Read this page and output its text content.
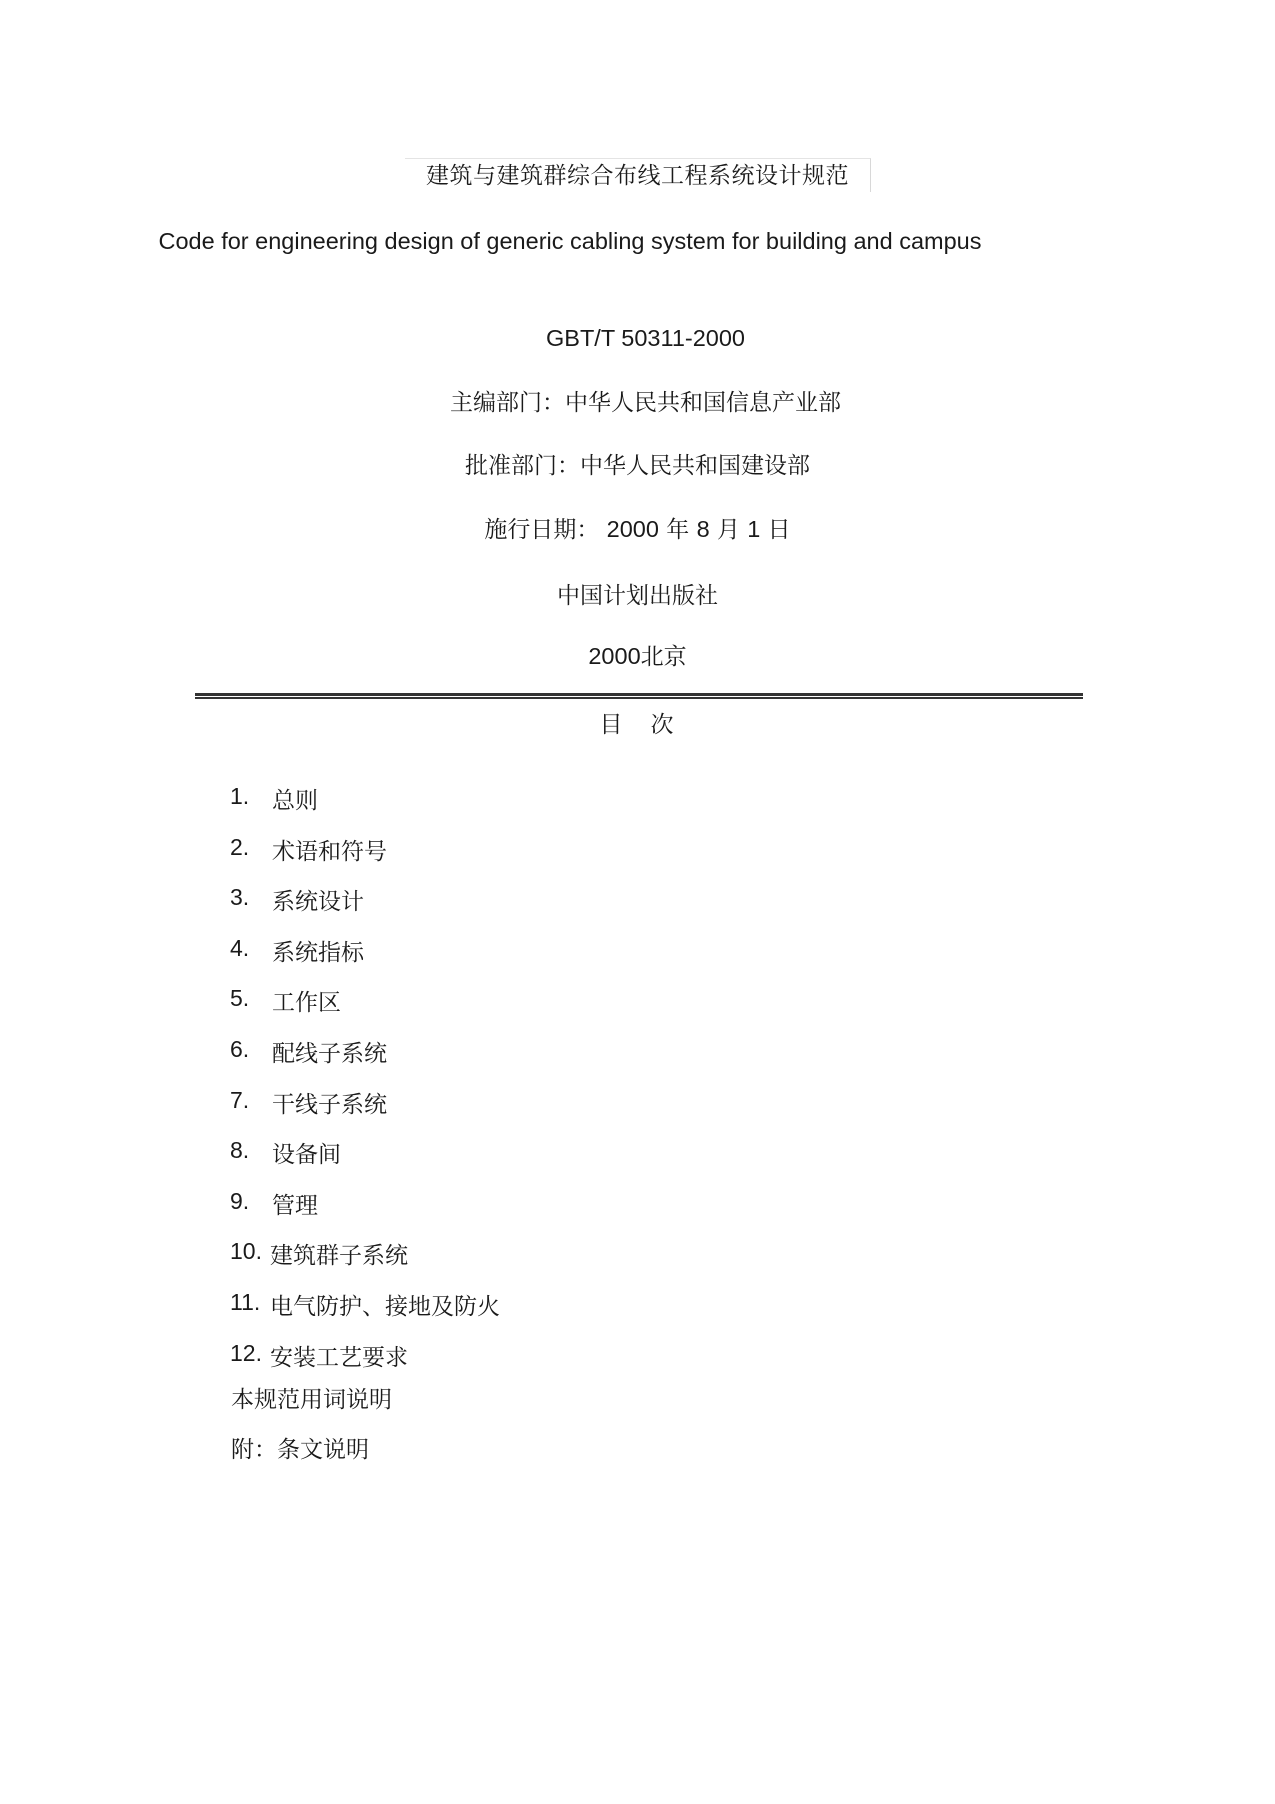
建筑与建筑群综合布线工程系统设计规范
Code for engineering design of generic cabling system for building and campus
GBT/T 50311-2000
主编部门：中华人民共和国信息产业部
批准部门：中华人民共和国建设部
施行日期： 2000 年 8 月 1 日
中国计划出版社
2000北京
目次
1. 总则
2. 术语和符号
3. 系统设计
4. 系统指标
5. 工作区
6. 配线子系统
7. 干线子系统
8. 设备间
9. 管理
10. 建筑群子系统
11. 电气防护、接地及防火
12. 安装工艺要求
本规范用词说明
附：条文说明
